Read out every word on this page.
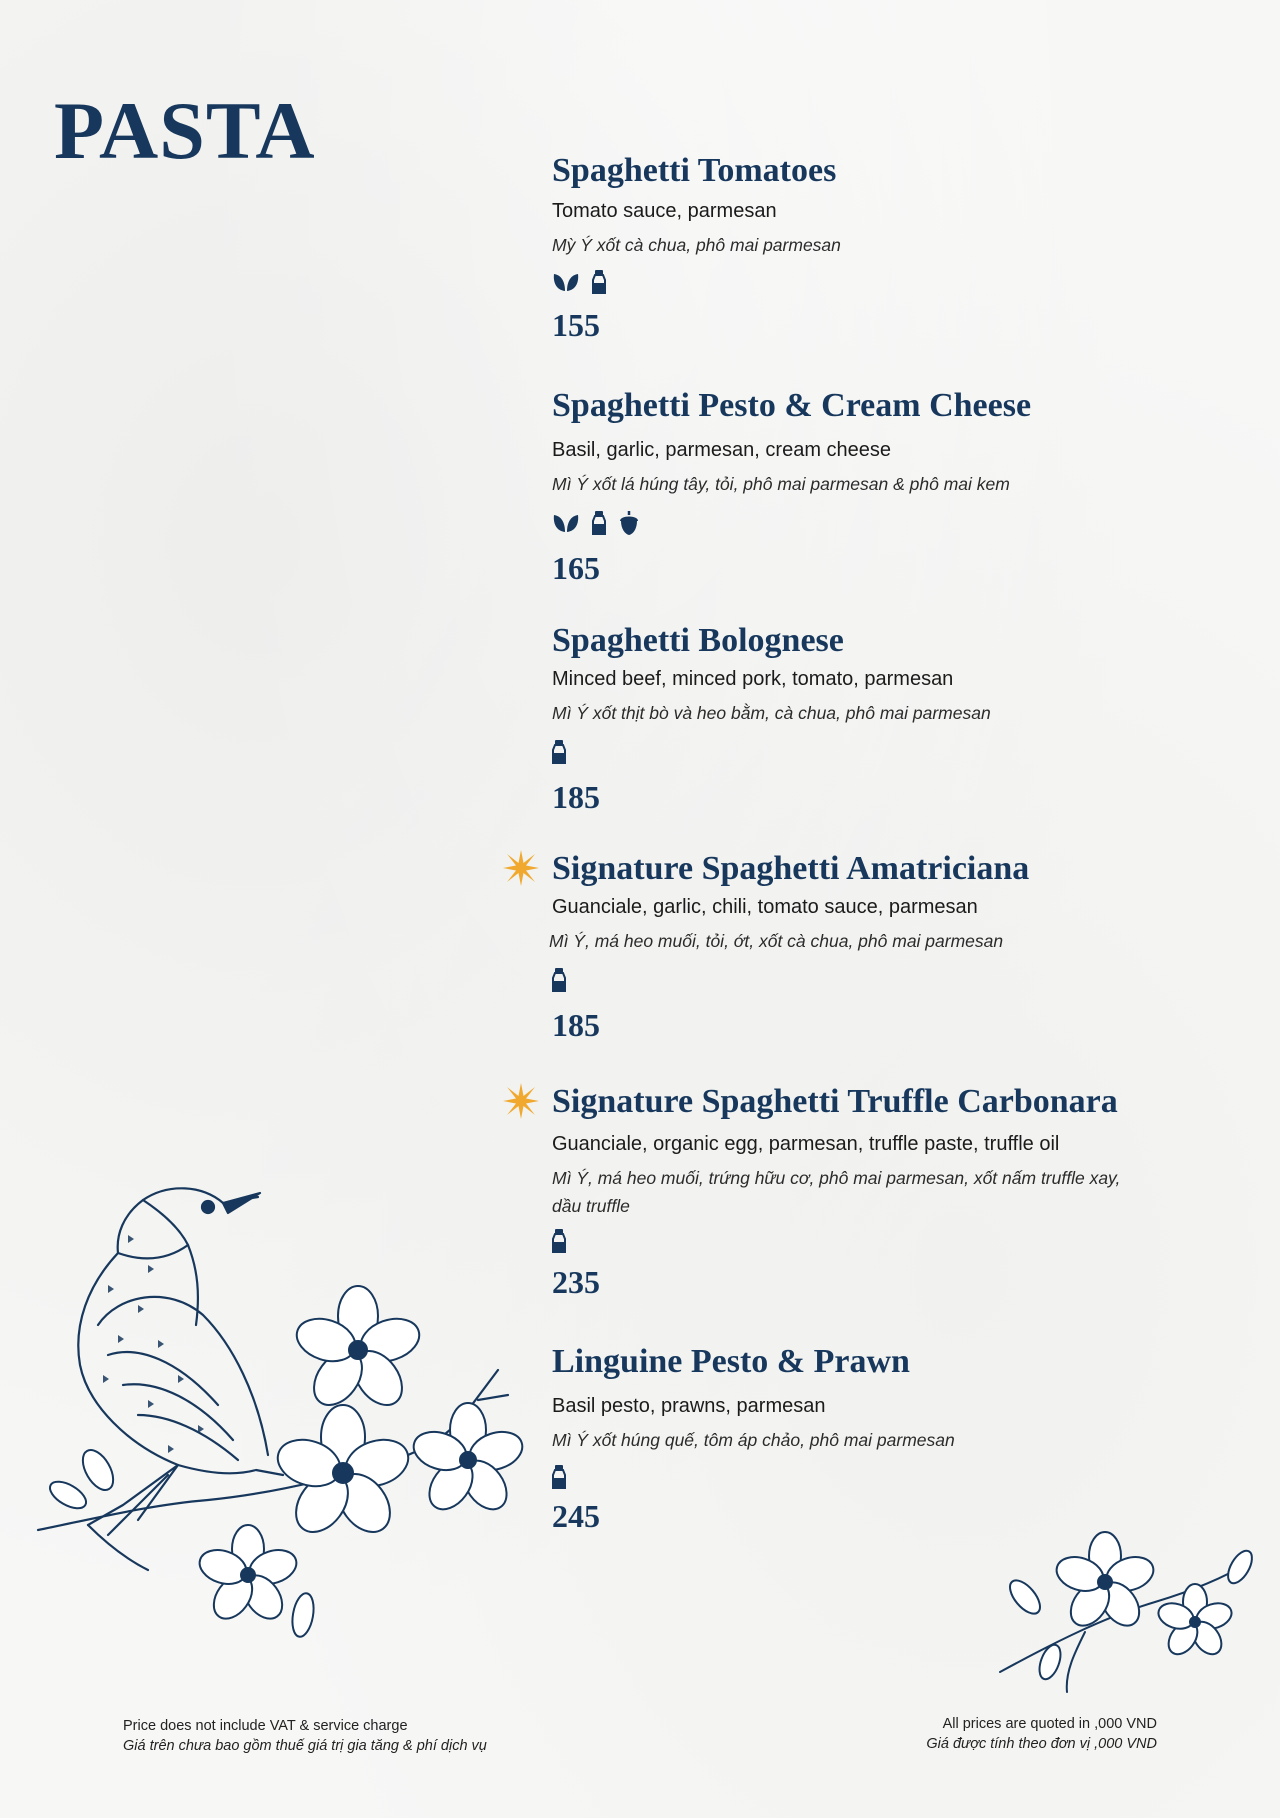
PASTA	Spaghetti Tomatoes
Tomato sauce, parmesan
Mỳ Ý xốt cà chua, phô mai parmesan
155
Spaghetti Pesto & Cream Cheese
Basil, garlic, parmesan, cream cheese
Mì Ý xốt lá húng tây, tỏi, phô mai parmesan & phô mai kem
165
Spaghetti Bolognese
Minced beef, minced pork, tomato, parmesan
Mì Ý xốt thịt bò và heo bằm, cà chua, phô mai parmesan
185
Signature Spaghetti Amatriciana
Guanciale, garlic, chili, tomato sauce, parmesan
Mì Ý, má heo muối, tỏi, ớt, xốt cà chua, phô mai parmesan
185
Signature Spaghetti Truffle Carbonara
Guanciale, organic egg, parmesan, truffle paste, truffle oil
Mì Ý, má heo muối, trứng hữu cơ, phô mai parmesan, xốt nấm truffle xay, dầu truffle
235
Linguine Pesto & Prawn
Basil pesto, prawns, parmesan
Mì Ý xốt húng quế, tôm áp chảo, phô mai parmesan
245
Price does not include VAT & service charge
Giá trên chưa bao gồm thuế giá trị gia tăng & phí dịch vụ
All prices are quoted in ,000 VND
Giá được tính theo đơn vị ,000 VND
